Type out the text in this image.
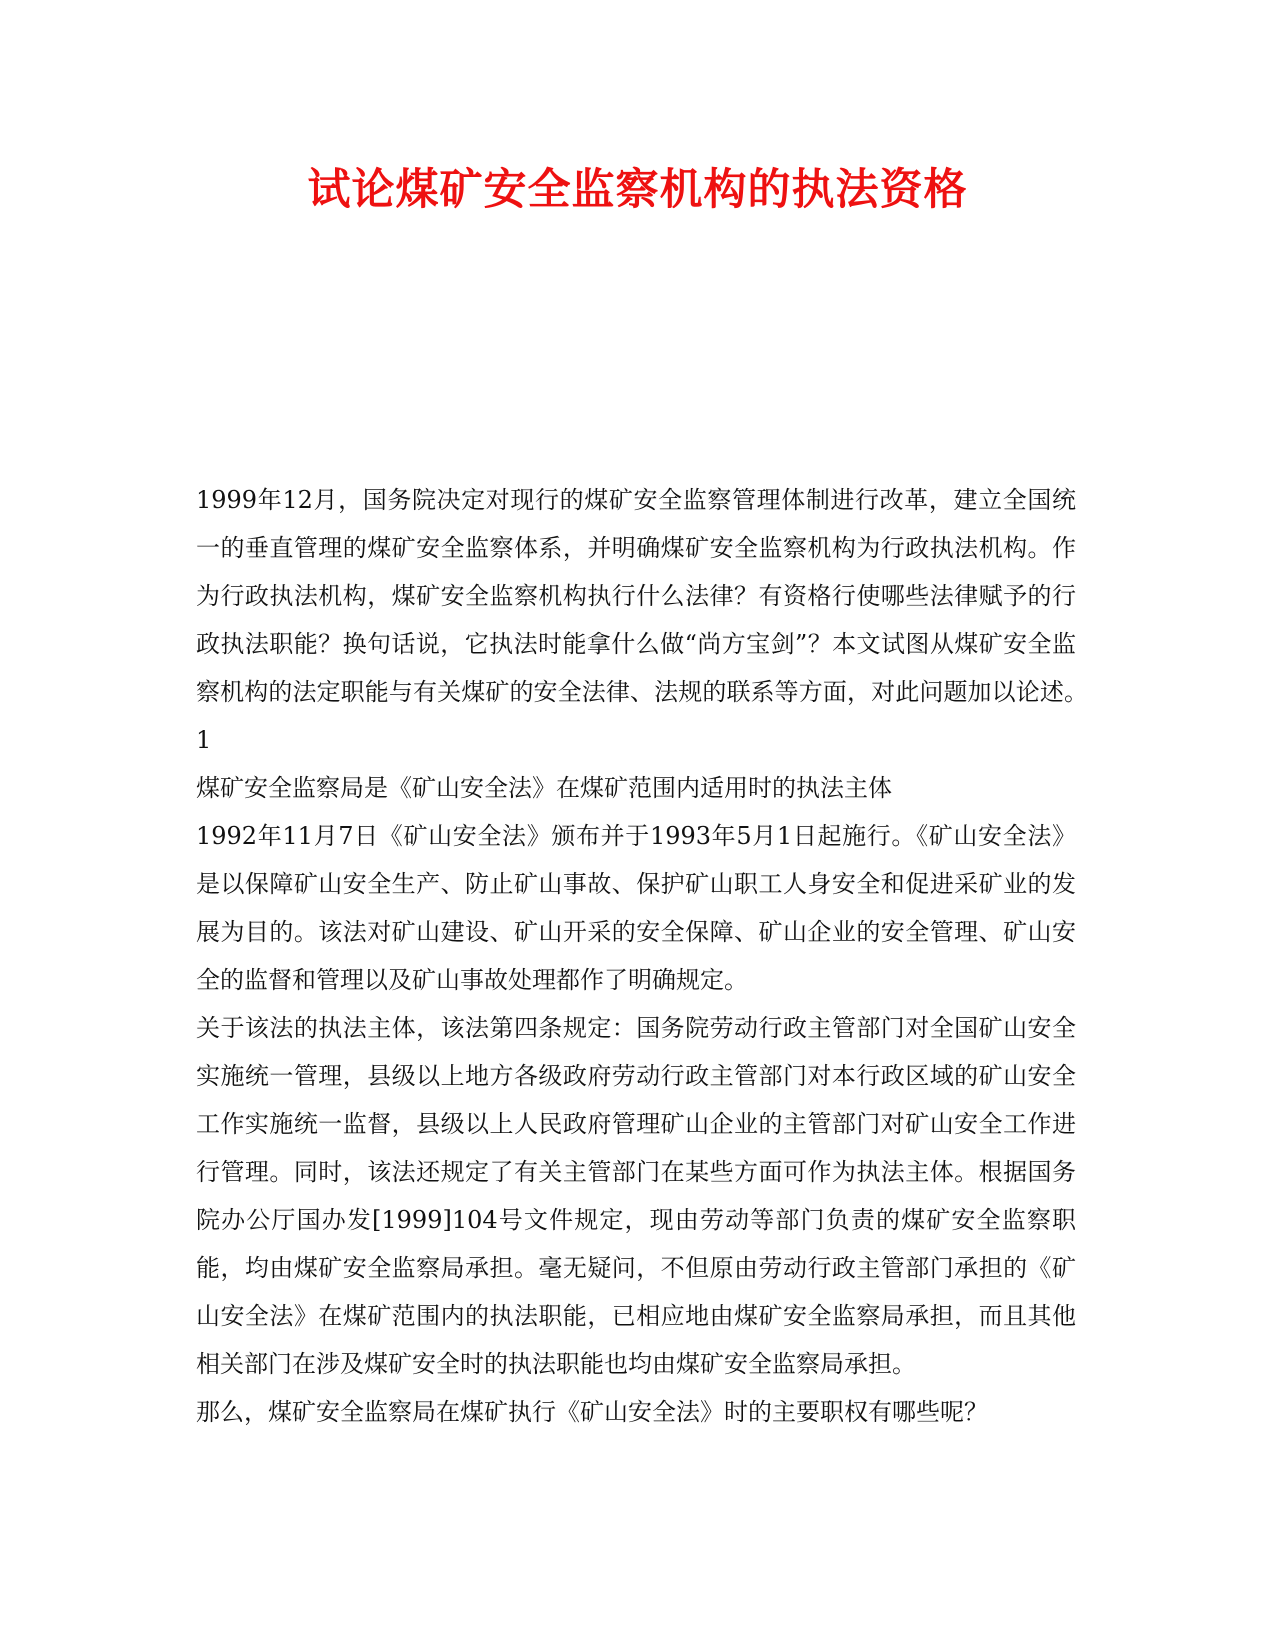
试论煤矿安全监察机构的执法资格

1999年12月，国务院决定对现行的煤矿安全监察管理体制进行改革，建立全国统一的垂直管理的煤矿安全监察体系，并明确煤矿安全监察机构为行政执法机构。作为行政执法机构，煤矿安全监察机构执行什么法律？有资格行使哪些法律赋予的行政执法职能？换句话说，它执法时能拿什么做“尚方宝剑”？本文试图从煤矿安全监察机构的法定职能与有关煤矿的安全法律、法规的联系等方面，对此问题加以论述。　　1

煤矿安全监察局是《矿山安全法》在煤矿范围内适用时的执法主体

1992年11月7日《矿山安全法》颁布并于1993年5月1日起施行。《矿山安全法》是以保障矿山安全生产、防止矿山事故、保护矿山职工人身安全和促进采矿业的发展为目的。该法对矿山建设、矿山开采的安全保障、矿山企业的安全管理、矿山安全的监督和管理以及矿山事故处理都作了明确规定。

关于该法的执法主体，该法第四条规定：国务院劳动行政主管部门对全国矿山安全实施统一管理，县级以上地方各级政府劳动行政主管部门对本行政区域的矿山安全工作实施统一监督，县级以上人民政府管理矿山企业的主管部门对矿山安全工作进行管理。同时，该法还规定了有关主管部门在某些方面可作为执法主体。根据国务院办公厅国办发[1999]104号文件规定，现由劳动等部门负责的煤矿安全监察职能，均由煤矿安全监察局承担。毫无疑问，不但原由劳动行政主管部门承担的《矿山安全法》在煤矿范围内的执法职能，已相应地由煤矿安全监察局承担，而且其他相关部门在涉及煤矿安全时的执法职能也均由煤矿安全监察局承担。

那么，煤矿安全监察局在煤矿执行《矿山安全法》时的主要职权有哪些呢？
